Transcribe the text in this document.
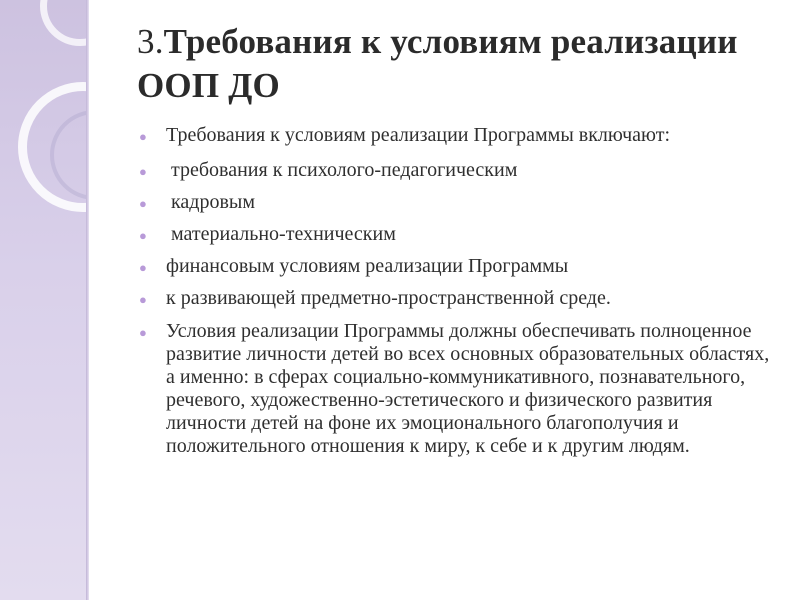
3.Требования к условиям реализации ООП ДО
● Требования к условиям реализации Программы включают:
● требования к психолого-педагогическим
● кадровым
● материально-техническим
● финансовым условиям реализации Программы
● к развивающей предметно-пространственной среде.
● Условия реализации Программы должны обеспечивать полноценное развитие личности детей во всех основных образовательных областях, а именно: в сферах социально-коммуникативного, познавательного, речевого, художественно-эстетического и физического развития личности детей на фоне их эмоционального благополучия и положительного отношения к миру, к себе и к другим людям.
